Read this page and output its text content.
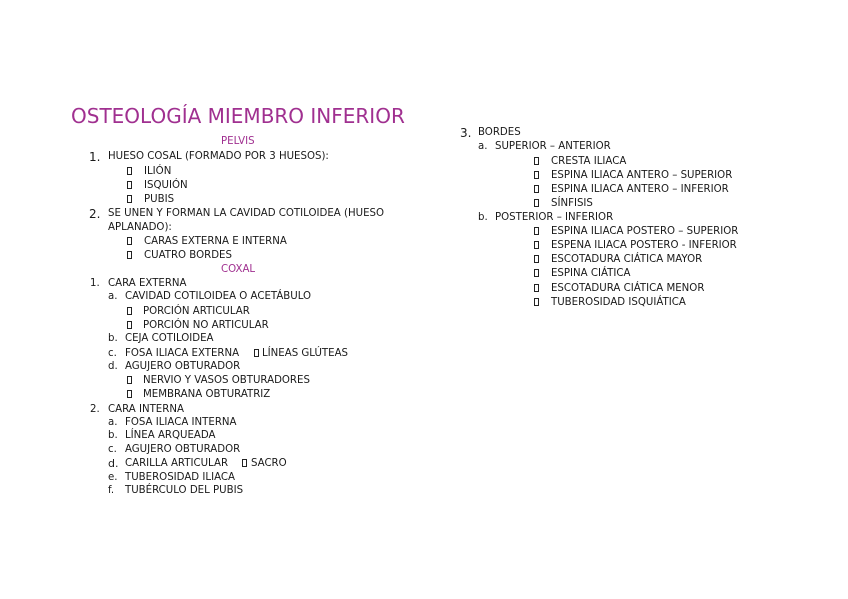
OSTEOLOGÍA MIEMBRO INFERIOR
PELVIS
1. HUESO COSAL (FORMADO POR 3 HUESOS):
ILIÓN
ISQUIÓN
PUBIS
2. SE UNEN Y FORMAN LA CAVIDAD COTILOIDEA (HUESO
APLANADO):
CARAS EXTERNA E INTERNA
CUATRO BORDES
COXAL
1. CARA EXTERNA
a. CAVIDAD COTILOIDEA O ACETÁBULO
PORCIÓN ARTICULAR
PORCIÓN NO ARTICULAR
b. CEJA COTILOIDEA
c. FOSA ILIACA EXTERNA LÍNEAS GLÚTEAS
d. AGUJERO OBTURADOR
NERVIO Y VASOS OBTURADORES
MEMBRANA OBTURATRIZ
2. CARA INTERNA
a. FOSA ILIACA INTERNA
b. LÍNEA ARQUEADA
c. AGUJERO OBTURADOR
d. CARILLA ARTICULAR SACRO
e. TUBEROSIDAD ILIACA
f. TUBÉRCULO DEL PUBIS
3. BORDES
a. SUPERIOR – ANTERIOR
CRESTA ILIACA
ESPINA ILIACA ANTERO – SUPERIOR
ESPINA ILIACA ANTERO – INFERIOR
SÍNFISIS
b. POSTERIOR – INFERIOR
ESPINA ILIACA POSTERO – SUPERIOR
ESPENA ILIACA POSTERO - INFERIOR
ESCOTADURA CIÁTICA MAYOR
ESPINA CIÁTICA
ESCOTADURA CIÁTICA MENOR
TUBEROSIDAD ISQUIÁTICA
